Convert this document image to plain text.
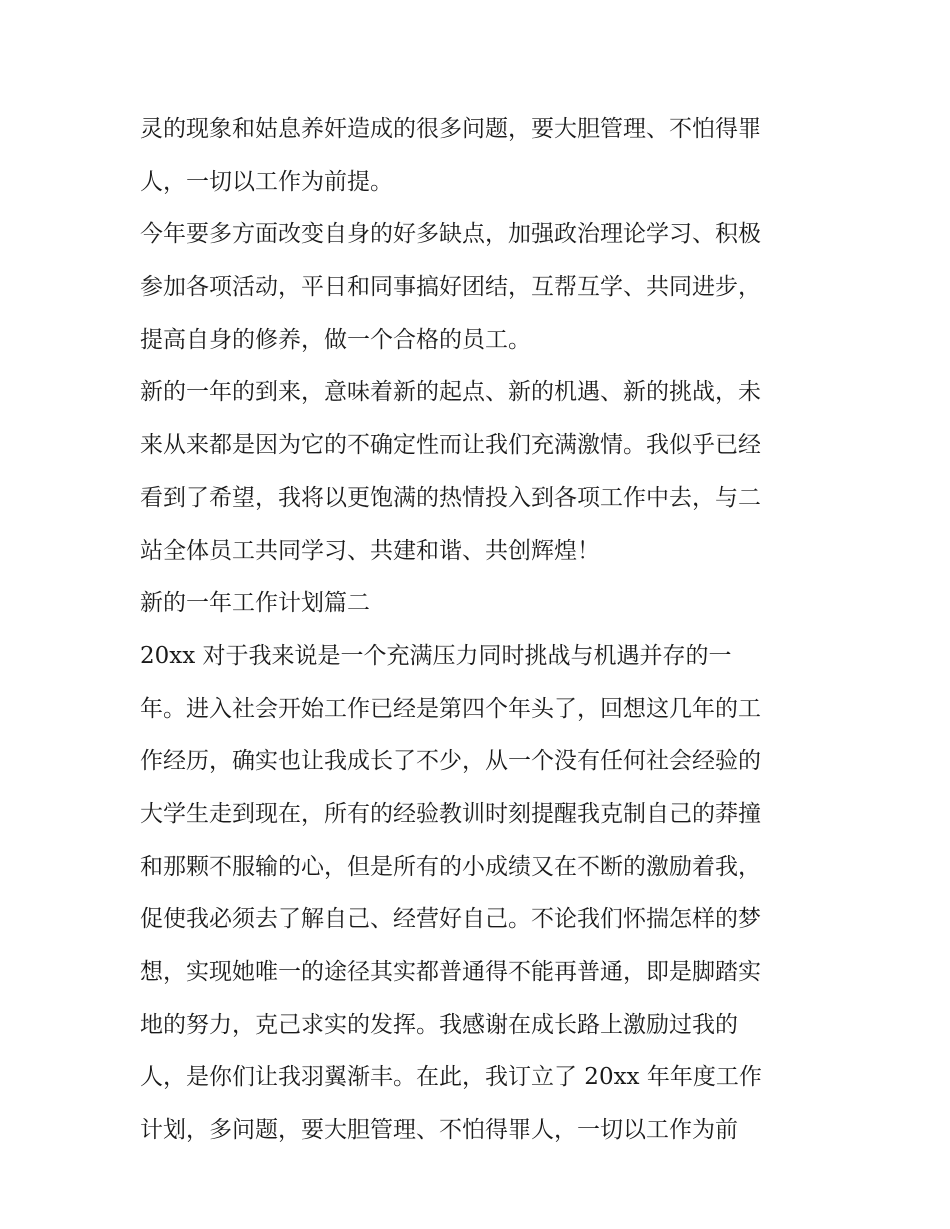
灵的现象和姑息养奸造成的很多问题，要大胆管理、不怕得罪
人，一切以工作为前提。
今年要多方面改变自身的好多缺点，加强政治理论学习、积极
参加各项活动，平日和同事搞好团结，互帮互学、共同进步，
提高自身的修养，做一个合格的员工。
新的一年的到来，意味着新的起点、新的机遇、新的挑战，未
来从来都是因为它的不确定性而让我们充满激情。我似乎已经
看到了希望，我将以更饱满的热情投入到各项工作中去，与二
站全体员工共同学习、共建和谐、共创辉煌！
新的一年工作计划篇二
20xx 对于我来说是一个充满压力同时挑战与机遇并存的一
年。进入社会开始工作已经是第四个年头了，回想这几年的工
作经历，确实也让我成长了不少，从一个没有任何社会经验的
大学生走到现在，所有的经验教训时刻提醒我克制自己的莽撞
和那颗不服输的心，但是所有的小成绩又在不断的激励着我，
促使我必须去了解自己、经营好自己。不论我们怀揣怎样的梦
想，实现她唯一的途径其实都普通得不能再普通，即是脚踏实
地的努力，克己求实的发挥。我感谢在成长路上激励过我的
人，是你们让我羽翼渐丰。在此，我订立了 20xx 年年度工作
计划，多问题，要大胆管理、不怕得罪人，一切以工作为前
